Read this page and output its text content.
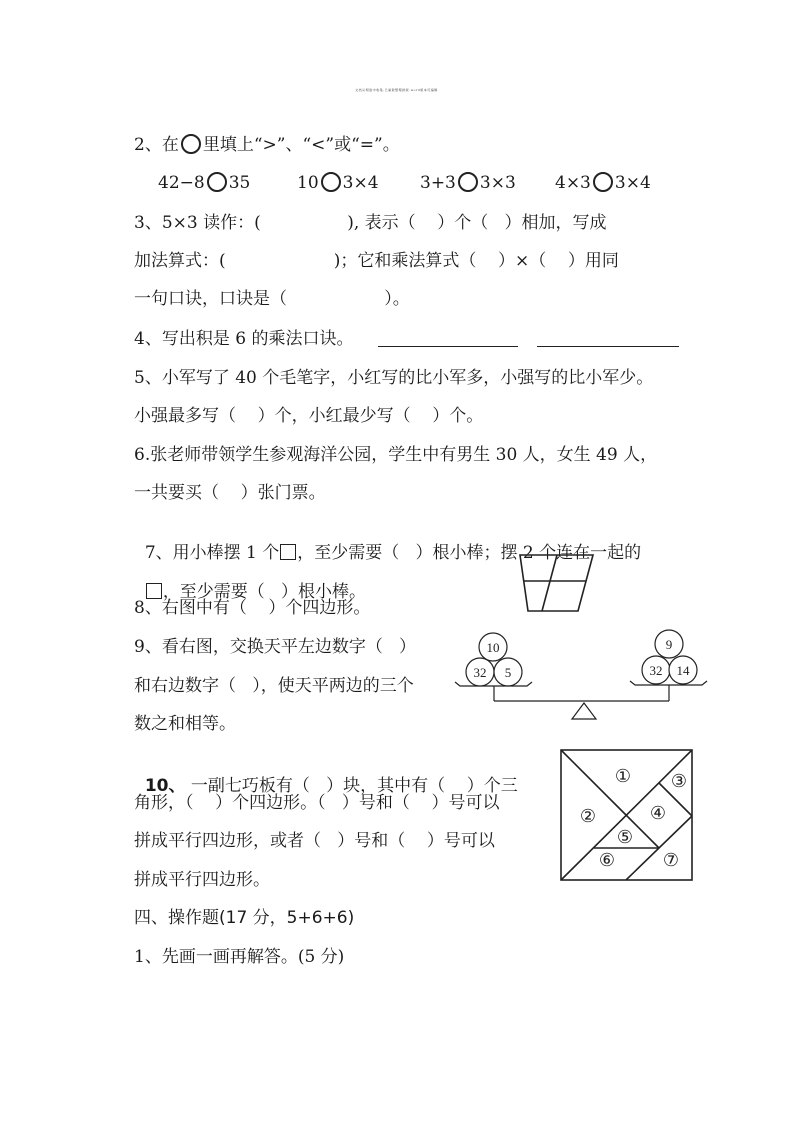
文档从网络中收集,已重新整理排版.word版本可编辑
2、在 里填上“>”、“<”或“=”。
42−8 35	10 3×4 3+3 3×3 4×3 3×4
3、5×3 读作：(                ), 表示（    ）个（   ）相加，写成
加法算式：(                    )；它和乘法算式（    ）×（    ）用同
一句口诀，口诀是（                  ）。
4、写出积是 6 的乘法口诀。
5、小军写了 40 个毛笔字，小红写的比小军多，小强写的比小军少。
小强最多写（    ）个，小红最少写（    ）个。
6.张老师带领学生参观海洋公园，学生中有男生 30 人，女生 49 人，
一共要买（    ）张门票。

7、用小棒摆 1 个 ，至少需要（   ）根小棒；摆 2 个连在一起的

，至少需要（   ）根小棒。

8、右图中有（    ）个四边形。
9、看右图，交换天平左边数字（   ）
和右边数字（   ），使天平两边的三个
数之和相等。
10
32 5
9
32 14

10、 一副七巧板有（   ）块，其中有（    ）个三

角形，（    ）个四边形。（   ）号和（    ）号可以
拼成平行四边形，或者（   ）号和（    ）号可以
拼成平行四边形。
①
②
③
④
⑤
⑥	⑦
四、操作题(17 分，5+6+6)
1、先画一画再解答。(5 分)
